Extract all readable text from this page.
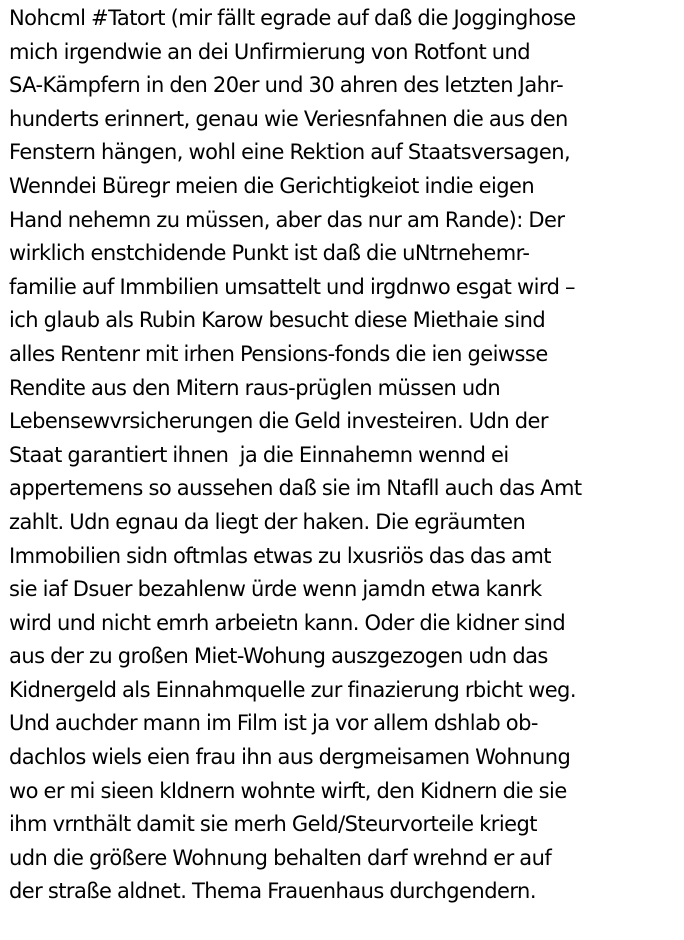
Nohcml #Tatort (mir fällt egrade auf daß die Jogginghose
mich irgendwie an dei Unfirmierung von Rotfont und
SA-Kämpfern in den 20er und 30 ahren des letzten Jahr-
hunderts erinnert, genau wie Veriesnfahnen die aus den
Fenstern hängen, wohl eine Rektion auf Staatsversagen,
Wenndei Büregr meien die Gerichtigkeiot indie eigen
Hand nehemn zu müssen, aber das nur am Rande): Der
wirklich enstchidende Punkt ist daß die uNtrnehemr-
familie auf Immbilien umsattelt und irgdnwo esgat wird –
ich glaub als Rubin Karow besucht diese Miethaie sind
alles Rentenr mit irhen Pensions-fonds die ien geiwsse
Rendite aus den Mitern raus-prüglen müssen udn
Lebensewvrsicherungen die Geld investeiren. Udn der
Staat garantiert ihnen  ja die Einnahemn wennd ei
appertemens so aussehen daß sie im Ntafll auch das Amt
zahlt. Udn egnau da liegt der haken. Die egräumten
Immobilien sidn oftmlas etwas zu lxusriös das das amt
sie iaf Dsuer bezahlenw ürde wenn jamdn etwa kanrk
wird und nicht emrh arbeietn kann. Oder die kidner sind
aus der zu großen Miet-Wohung auszgezogen udn das
Kidnergeld als Einnahmquelle zur finazierung rbicht weg.
Und auchder mann im Film ist ja vor allem dshlab ob-
dachlos wiels eien frau ihn aus dergmeisamen Wohnung
wo er mi sieen kIdnern wohnte wirft, den Kidnern die sie
ihm vrnthält damit sie merh Geld/Steurvorteile kriegt
udn die größere Wohnung behalten darf wrehnd er auf
der straße aldnet. Thema Frauenhaus durchgendern.
